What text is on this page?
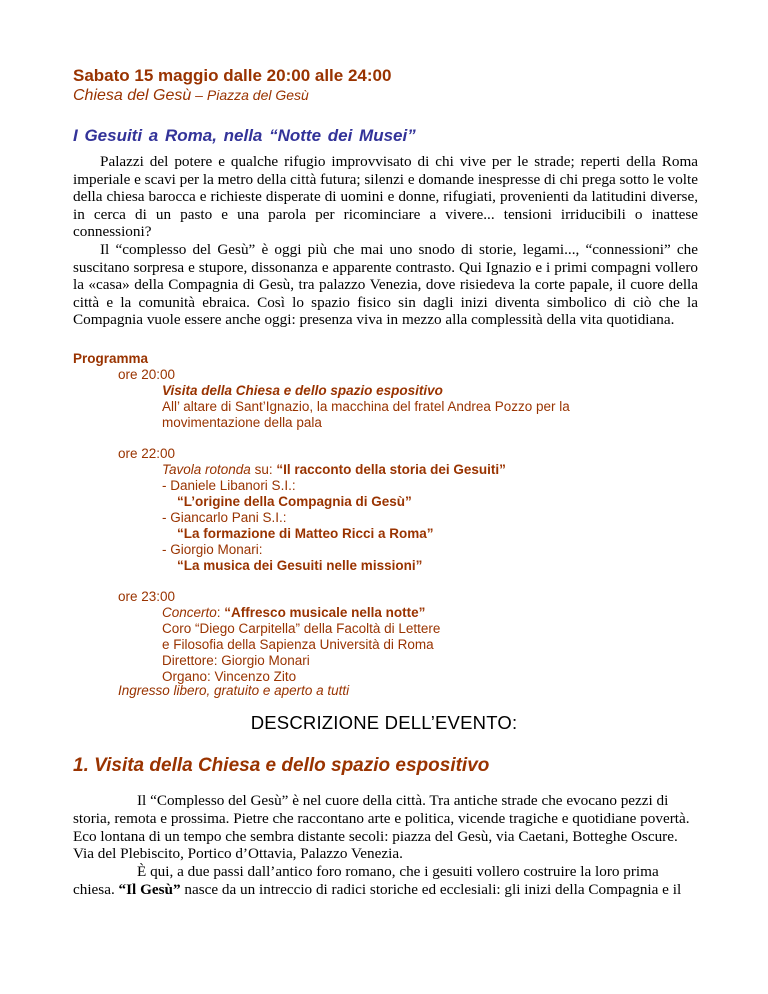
Sabato 15 maggio dalle 20:00 alle 24:00
Chiesa del Gesù – Piazza del Gesù
I Gesuiti a Roma, nella “Notte dei Musei”

Palazzi del potere e qualche rifugio improvvisato di chi vive per le strade; reperti della Roma imperiale e scavi per la metro della città futura; silenzi e domande inespresse di chi prega sotto le volte della chiesa barocca e richieste disperate di uomini e donne, rifugiati, provenienti da latitudini diverse, in cerca di un pasto e una parola per ricominciare a vivere... tensioni irriducibili o inattese connessioni?

Il “complesso del Gesù” è oggi più che mai uno snodo di storie, legami..., “connessioni” che suscitano sorpresa e stupore, dissonanza e apparente contrasto. Qui Ignazio e i primi compagni vollero la «casa» della Compagnia di Gesù, tra palazzo Venezia, dove risiedeva la corte papale, il cuore della città e la comunità ebraica. Così lo spazio fisico sin dagli inizi diventa simbolico di ciò che la Compagnia vuole essere anche oggi: presenza viva in mezzo alla complessità della vita quotidiana.

Programma
ore 20:00
Visita della Chiesa e dello spazio espositivo
All’ altare di Sant’Ignazio, la macchina del fratel Andrea Pozzo per la
movimentazione della pala
ore 22:00
Tavola rotonda su: “Il racconto della storia dei Gesuiti”
- Daniele Libanori S.I.:
“L’origine della Compagnia di Gesù”
- Giancarlo Pani S.I.:
“La formazione di Matteo Ricci a Roma”
- Giorgio Monari:
“La musica dei Gesuiti nelle missioni”
ore 23:00
Concerto: “Affresco musicale nella notte”
Coro “Diego Carpitella” della Facoltà di Lettere
e Filosofia della Sapienza Università di Roma
Direttore: Giorgio Monari
Organo: Vincenzo Zito
Ingresso libero, gratuito e aperto a tutti
DESCRIZIONE DELL’EVENTO:
1. Visita della Chiesa e dello spazio espositivo

Il “Complesso del Gesù” è nel cuore della città. Tra antiche strade che evocano pezzi di storia, remota e prossima. Pietre che raccontano arte e politica, vicende tragiche e quotidiane povertà. Eco lontana di un tempo che sembra distante secoli: piazza del Gesù, via Caetani, Botteghe Oscure. Via del Plebiscito, Portico d’Ottavia, Palazzo Venezia.

È qui, a due passi dall’antico foro romano, che i gesuiti vollero costruire la loro prima chiesa. “Il Gesù” nasce da un intreccio di radici storiche ed ecclesiali: gli inizi della Compagnia e il
